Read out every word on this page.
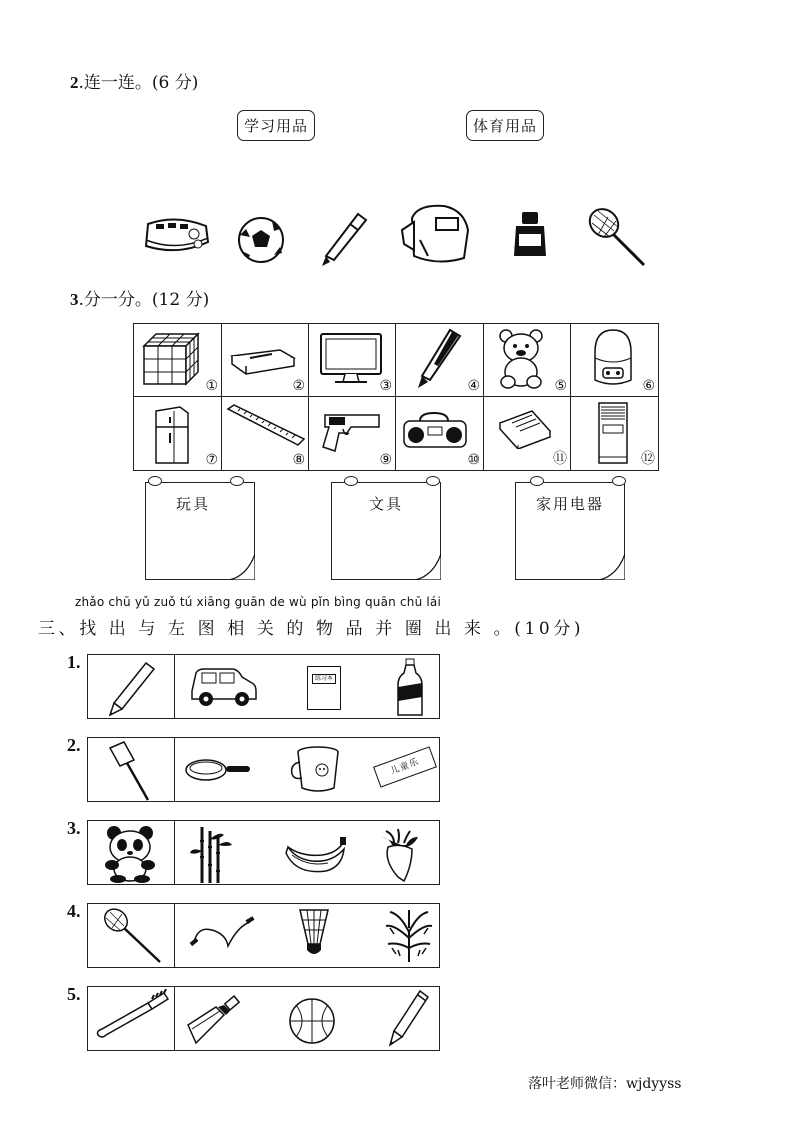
2.连一连。(6 分)
学习用品	体育用品
3.分一分。(12 分)
①	②	③	④	⑤	⑥
⑦	⑧	⑨	⑩	⑪	⑫
玩具	文具	家用电器
zhǎo chū yǔ zuǒ tú xiāng guān de wù pǐn bìng quān chū lái
三、找 出 与 左 图 相 关 的 物 品 并 圈 出 来 。(10分)
1.
练习本
2.
儿童乐
3.
4.
5.
落叶老师微信：wjdyyss
